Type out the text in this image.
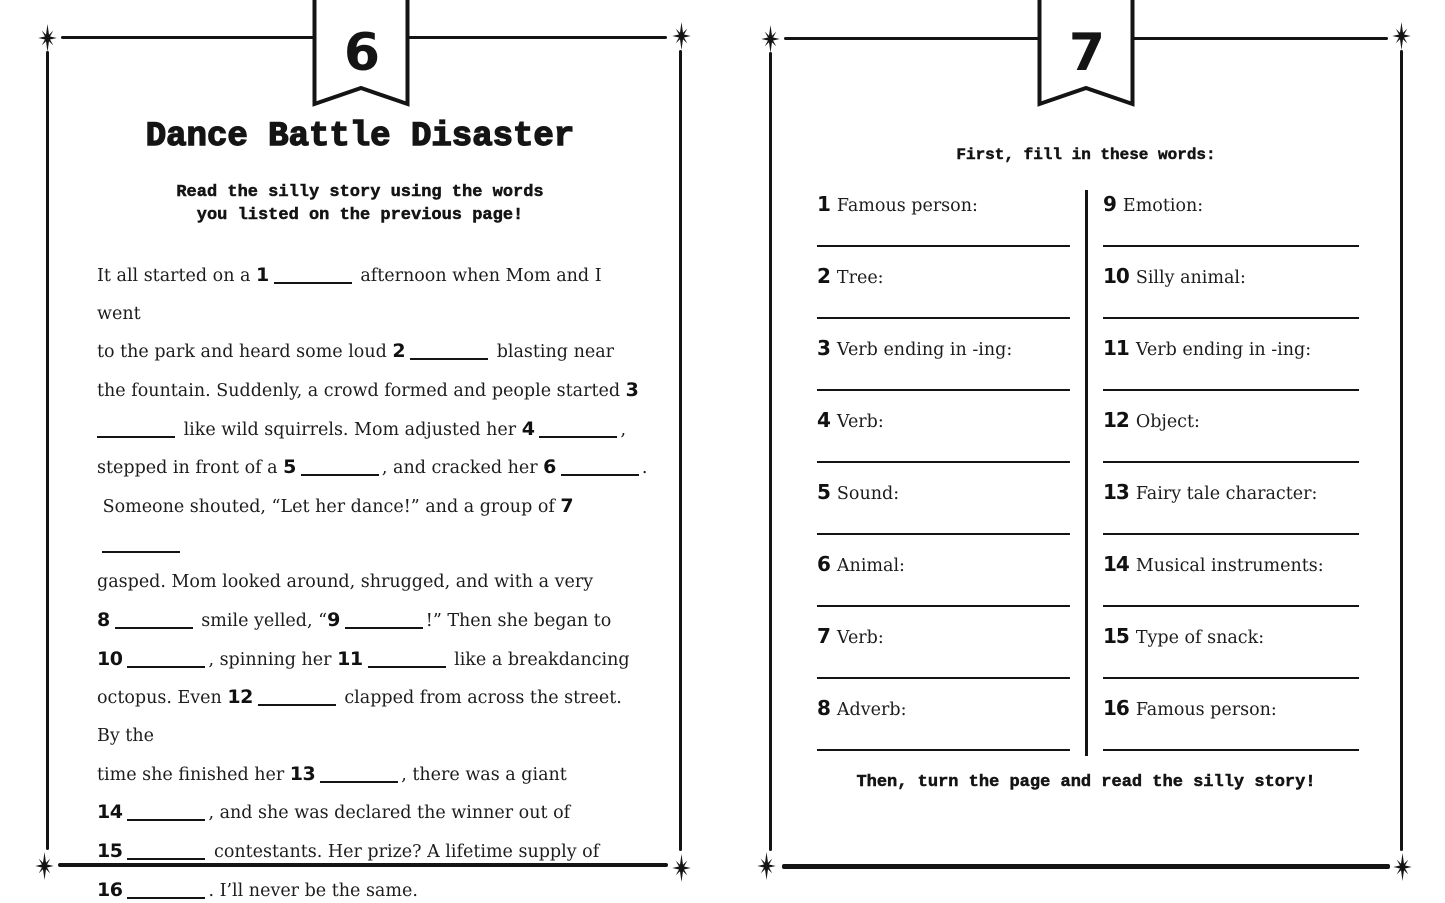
6
Dance Battle Disaster
Read the silly story using the words
you listed on the previous page!
It all started on a 1	afternoon when Mom and I went
to the park and heard some loud 2	blasting near
the fountain. Suddenly, a crowd formed and people started 3
like wild squirrels. Mom adjusted her 4	,
stepped in front of a 5	, and cracked her 6	.
Someone shouted, “Let her dance!” and a group of 7
gasped. Mom looked around, shrugged, and with a very
8	smile yelled, “9	!” Then she began to
10	, spinning her 11	like a breakdancing
octopus. Even 12	clapped from across the street. By the
time she finished her 13	, there was a giant
14	, and she was declared the winner out of
15	contestants. Her prize? A lifetime supply of
16	. I’ll never be the same.
7
First, fill in these words:
1 Famous person:
2 Tree:
3 Verb ending in -ing:
4 Verb:
5 Sound:
6 Animal:
7 Verb:
8 Adverb:
9 Emotion:
10 Silly animal:
11 Verb ending in -ing:
12 Object:
13 Fairy tale character:
14 Musical instruments:
15 Type of snack:
16 Famous person:
Then, turn the page and read the silly story!
